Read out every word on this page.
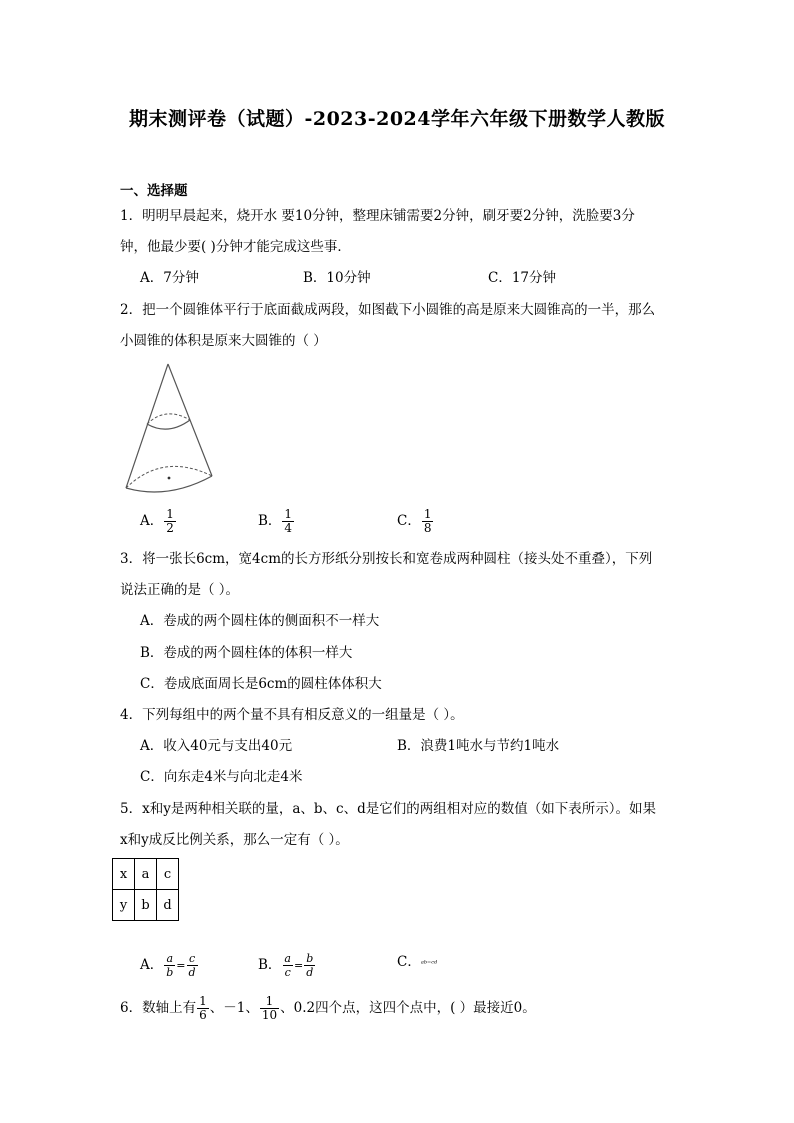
期末测评卷（试题）-2023-2024学年六年级下册数学人教版
一、选择题
1．明明早晨起来，烧开水 要10分钟，整理床铺需要2分钟，刷牙要2分钟，洗脸要3分
钟，他最少要( )分钟才能完成这些事．
A．7分钟	B．10分钟	C．17分钟
2．把一个圆锥体平行于底面截成两段，如图截下小圆锥的高是原来大圆锥高的一半，那么
小圆锥的体积是原来大圆锥的（ ）
A． $\frac{1}{2}$	B． $\frac{1}{4}$	C． $\frac{1}{8}$
3．将一张长6cm，宽4cm的长方形纸分别按长和宽卷成两种圆柱（接头处不重叠），下列
说法正确的是（ ）。
A．卷成的两个圆柱体的侧面积不一样大
B．卷成的两个圆柱体的体积一样大
C．卷成底面周长是6cm的圆柱体体积大
4．下列每组中的两个量不具有相反意义的一组量是（ ）。
A．收入40元与支出40元	B．浪费1吨水与节约1吨水
C．向东走4米与向北走4米
5．x和y是两种相关联的量，a、b、c、d是它们的两组相对应的数值（如下表所示）。如果
x和y成反比例关系，那么一定有（ ）。
x	a	c
y	b	d
A． $\frac{a}{b} = \frac{c}{d}$	B． $\frac{a}{c} = \frac{b}{d}$	C．ab=cd
6．数轴上有 $\frac{1}{6}$ 、－1、 $\frac{1}{10}$ 、0.2四个点，这四个点中，( ）最接近0。
